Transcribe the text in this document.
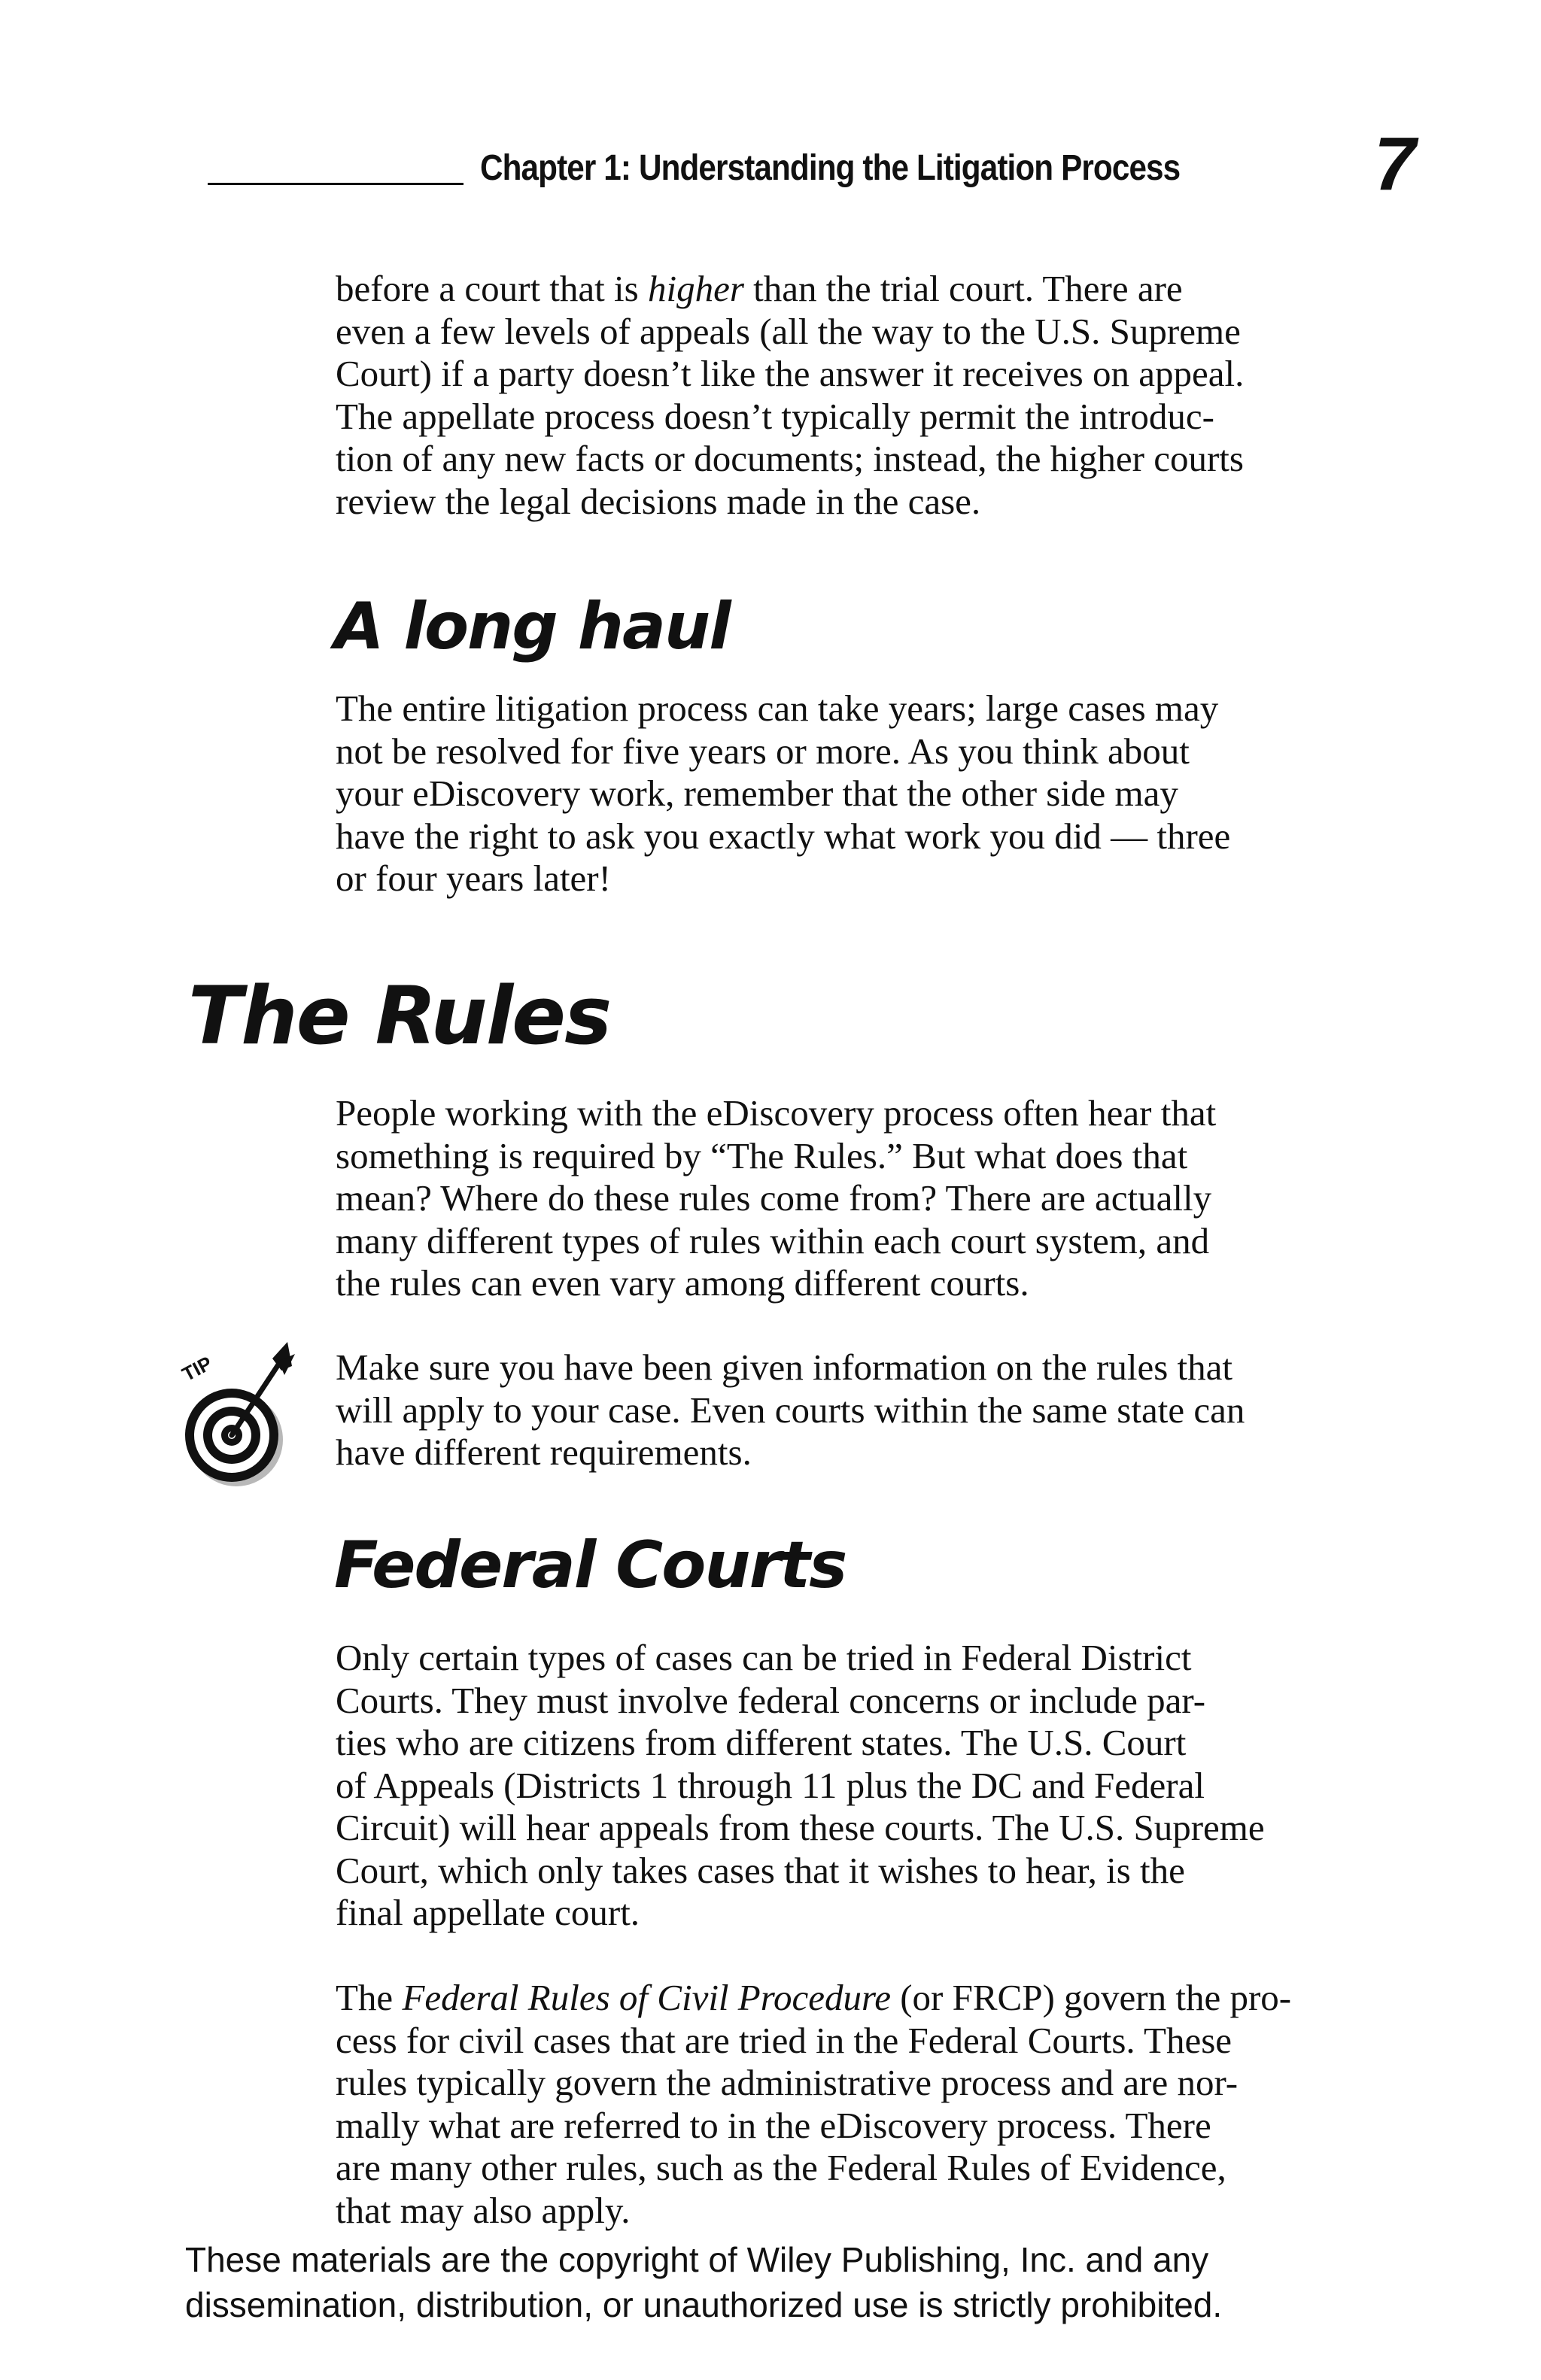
Chapter 1: Understanding the Litigation Process	7

before a court that is higher than the trial court. There are
even a few levels of appeals (all the way to the U.S. Supreme
Court) if a party doesn’t like the answer it receives on appeal.
The appellate process doesn’t typically permit the introduc-
tion of any new facts or documents; instead, the higher courts
review the legal decisions made in the case.

A long haul

The entire litigation process can take years; large cases may
not be resolved for five years or more. As you think about
your eDiscovery work, remember that the other side may
have the right to ask you exactly what work you did — three
or four years later!

The Rules

People working with the eDiscovery process often hear that
something is required by “The Rules.” But what does that
mean? Where do these rules come from? There are actually
many different types of rules within each court system, and
the rules can even vary among different courts.

TIP	Make sure you have been given information on the rules that
will apply to your case. Even courts within the same state can
have different requirements.

Federal Courts

Only certain types of cases can be tried in Federal District
Courts. They must involve federal concerns or include par-
ties who are citizens from different states. The U.S. Court
of Appeals (Districts 1 through 11 plus the DC and Federal
Circuit) will hear appeals from these courts. The U.S. Supreme
Court, which only takes cases that it wishes to hear, is the
final appellate court.

The Federal Rules of Civil Procedure (or FRCP) govern the pro-
cess for civil cases that are tried in the Federal Courts. These
rules typically govern the administrative process and are nor-
mally what are referred to in the eDiscovery process. There
are many other rules, such as the Federal Rules of Evidence,
that may also apply.

These materials are the copyright of Wiley Publishing, Inc. and any
dissemination, distribution, or unauthorized use is strictly prohibited.
